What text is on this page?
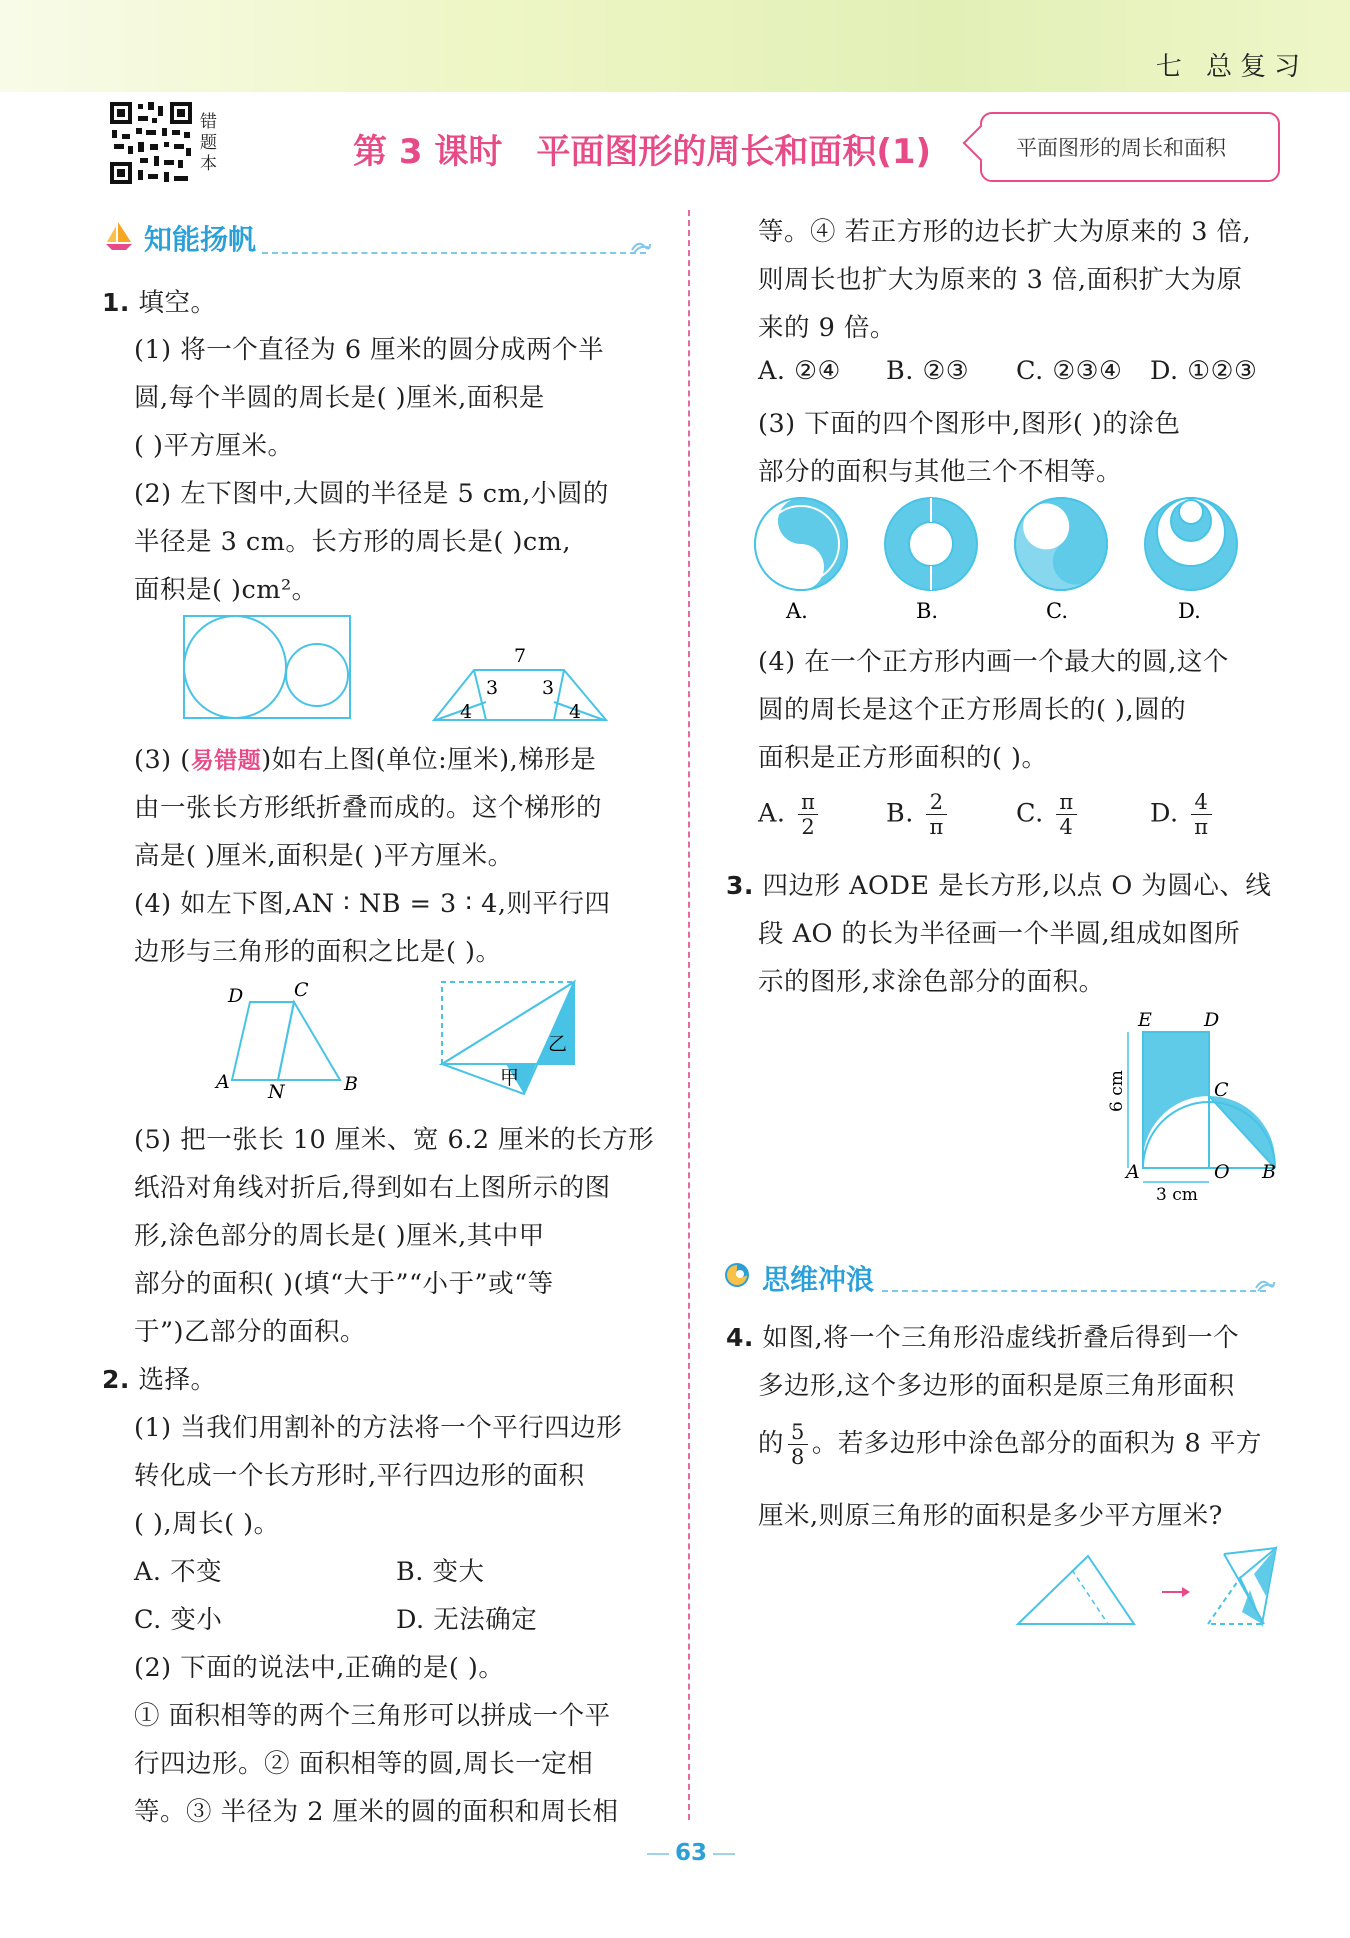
七 总复习
错题本	第 3 课时 平面图形的周长和面积(1)	平面图形的周长和面积
知能扬帆
1. 填空。
(1) 将一个直径为 6 厘米的圆分成两个半
圆,每个半圆的周长是( )厘米,面积是
( )平方厘米。
(2) 左下图中,大圆的半径是 5 cm,小圆的
半径是 3 cm。长方形的周长是( )cm,
面积是( )cm²。
7
3 3
4	4
(3) (易错题)如右上图(单位:厘米),梯形是
由一张长方形纸折叠而成的。这个梯形的
高是( )厘米,面积是( )平方厘米。
(4) 如左下图,AN ∶ NB = 3 ∶ 4,则平行四
边形与三角形的面积之比是( )。
D	C
A N	B	甲
乙
(5) 把一张长 10 厘米、宽 6.2 厘米的长方形
纸沿对角线对折后,得到如右上图所示的图
形,涂色部分的周长是( )厘米,其中甲
部分的面积( )(填“大于”“小于”或“等
于”)乙部分的面积。
2. 选择。
(1) 当我们用割补的方法将一个平行四边形
转化成一个长方形时,平行四边形的面积
( ),周长( )。
A. 不变	B. 变大
C. 变小	D. 无法确定
(2) 下面的说法中,正确的是( )。
① 面积相等的两个三角形可以拼成一个平
行四边形。② 面积相等的圆,周长一定相
等。③ 半径为 2 厘米的圆的面积和周长相
等。④ 若正方形的边长扩大为原来的 3 倍,
则周长也扩大为原来的 3 倍,面积扩大为原
来的 9 倍。
A. ②④ B. ②③ C. ②③④ D. ①②③
(3) 下面的四个图形中,图形( )的涂色
部分的面积与其他三个不相等。
A.	B.	C.	D.
(4) 在一个正方形内画一个最大的圆,这个
圆的周长是这个正方形周长的( ),圆的
面积是正方形面积的( )。
A. $\frac{\pi}{2}$	B. $\frac{2}{\pi}$	C. $\frac{\pi}{4}$	D. $\frac{4}{\pi}$
3. 四边形 AODE 是长方形,以点 O 为圆心、线
段 AO 的长为半径画一个半圆,组成如图所
示的图形,求涂色部分的面积。
E	D
C
A	O B
6 cm
3 cm
思维冲浪
4. 如图,将一个三角形沿虚线折叠后得到一个
多边形,这个多边形的面积是原三角形面积
的 $\frac{5}{8}$ 。若多边形中涂色部分的面积为 8 平方
厘米,则原三角形的面积是多少平方厘米?
63
